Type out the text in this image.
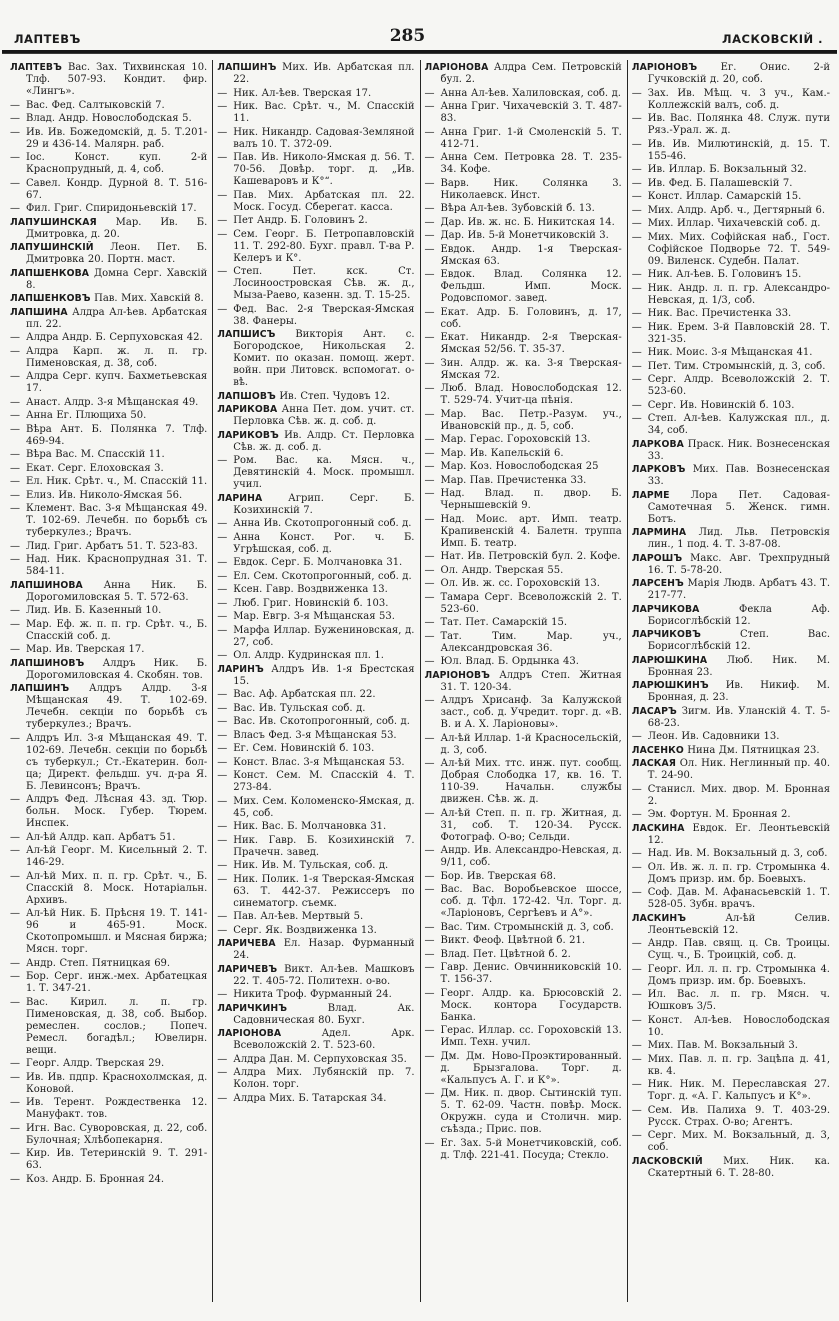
ЛАПТЕВЪ	285	ЛАСКОВСКІЙ .
ЛАПТЕВЪ Вас. Зах. Тихвинская 10. Тлф. 507-93. Кондит. фир. «Лингъ».
— Вас. Фед. Салтыковскій 7.
— Влад. Андр. Новослободская 5.
— Ив. Ив. Божедомскій, д. 5. Т.201-29 и 436-14. Малярн. раб.
— Іос. Конст. куп. 2-й Краснопрудный, д. 4, соб.
— Савел. Кондр. Дурной 8. Т. 516-67.
— Фил. Григ. Спиридоньевскій 17.
ЛАПУШИНСКАЯ Мар. Ив. Б. Дмитровка, д. 20.
ЛАПУШИНСКІЙ Леон. Пет. Б. Дмитровка 20. Портн. маст.
ЛАПШЕНКОВА Домна Серг. Хавскій 8.
ЛАПШЕНКОВЪ Пав. Мих. Хавскій 8.
ЛАПШИНА Алдра Ал-ѣев. Арбатская пл. 22.
— Алдра Андр. Б. Серпуховская 42.
— Алдра Карп. ж. л. п. гр. Пименовская, д. 38, соб.
— Алдра Серг. купч. Бахметьевская 17.
— Анаст. Алдр. 3-я Мѣщанская 49.
— Анна Ег. Плющиха 50.
— Вѣра Ант. Б. Полянка 7. Тлф. 469-94.
— Вѣра Вас. М. Спасскій 11.
— Екат. Серг. Елоховская 3.
— Ел. Ник. Срѣт. ч., М. Спасскій 11.
— Елиз. Ив. Николо-Ямская 56.
— Клемент. Вас. 3-я Мѣщанская 49. Т. 102-69. Лечебн. по борьбѣ съ туберкулез.; Врачъ.
— Лид. Григ. Арбатъ 51. Т. 523-83.
— Над. Ник. Краснопрудная 31. Т. 584-11.
ЛАПШИНОВА Анна Ник. Б. Дорогомиловская 5. Т. 572-63.
— Лид. Ив. Б. Казенный 10.
— Мар. Еф. ж. п. п. гр. Срѣт. ч., Б. Спасскій соб. д.
— Мар. Ив. Тверская 17.
ЛАПШИНОВЪ Алдръ Ник. Б. Дорогомиловская 4. Скобян. тов.
ЛАПШИНЪ Алдръ Алдр. 3-я Мѣщанская 49. Т. 102-69. Лечебн. секціи по борьбѣ съ туберкулез.; Врачъ.
— Алдръ Ил. 3-я Мѣщанская 49. Т. 102-69. Лечебн. секціи по борьбѣ съ туберкул.; Ст.-Екатерин. бол-ца; Директ. фельдш. уч. д-ра Я. Б. Левинсонъ; Врачъ.
— Алдръ Фед. Лѣсная 43. зд. Тюр. больн. Моск. Губер. Тюрем. Инспек.
— Ал-ѣй Алдр. кап. Арбатъ 51.
— Ал-ѣй Георг. М. Кисельный 2. Т. 146-29.
— Ал-ѣй Мих. п. п. гр. Срѣт. ч., Б. Спасскій 8. Моск. Нотаріальн. Архивъ.
— Ал-ѣй Ник. Б. Прѣсня 19. Т. 141-96 и 465-91. Моск. Скотопромышл. и Мясная биржа; Мясн. торг.
— Андр. Степ. Пятницкая 69.
— Бор. Серг. инж.-мех. Арбатецкая 1. Т. 347-21.
— Вас. Кирил. л. п. гр. Пименовская, д. 38, соб. Выбор. ремеслен. сослов.; Попеч. Ремесл. богадѣл.; Ювелирн. вещи.
— Георг. Алдр. Тверская 29.
— Ив. Ив. пдпр. Краснохолмская, д. Коновой.
— Ив. Терент. Рождественка 12. Мануфакт. тов.
— Игн. Вас. Суворовская, д. 22, соб. Булочная; Хлѣбопекарня.
— Кир. Ив. Тетеринскій 9. Т. 291-63.
— Коз. Андр. Б. Бронная 24.
ЛАПШИНЪ Мих. Ив. Арбатская пл. 22.
— Ник. Ал-ѣев. Тверская 17.
— Ник. Вас. Срѣт. ч., М. Спасскій 11.
— Ник. Никандр. Садовая-Земляной валъ 10. Т. 372-09.
— Пав. Ив. Николо-Ямская д. 56. Т. 70-56. Довѣр. торг. д. „Ив. Кашеваровъ и К°“.
— Пав. Мих. Арбатская пл. 22. Моск. Госуд. Сберегат. касса.
— Пет Андр. Б. Головинъ 2.
— Сем. Георг. Б. Петропавловскій 11. Т. 292-80. Бухг. правл. Т-ва Р. Келеръ и К°.
— Степ. Пет. кск. Ст. Лосиноостровская Сѣв. ж. д., Мыза-Раево, казенн. зд. Т. 15-25.
— Фед. Вас. 2-я Тверская-Ямская 38. Фанеры.
ЛАПШИСЪ Викторія Ант. с. Богородское, Никольская 2. Комит. по оказан. помощ. жерт. войн. при Литовск. вспомогат. о-вѣ.
ЛАПШОВЪ Ив. Степ. Чудовъ 12.
ЛАРИКОВА Анна Пет. дом. учит. ст. Перловка Сѣв. ж. д. соб. д.
ЛАРИКОВЪ Ив. Алдр. Ст. Перловка Сѣв. ж. д. соб. д.
— Ром. Вас. ка. Мясн. ч., Девятинскій 4. Моск. промышл. учил.
ЛАРИНА Агрип. Серг. Б. Козихинскій 7.
— Анна Ив. Скотопрогонный соб. д.
— Анна Конст. Рог. ч. Б. Угрѣшская, соб. д.
— Евдок. Серг. Б. Молчановка 31.
— Ел. Сем. Скотопрогонный, соб. д.
— Ксен. Гавр. Воздвиженка 13.
— Люб. Григ. Новинскій б. 103.
— Мар. Евгр. 3-я Мѣщанская 53.
— Марфа Иллар. Бужениновская, д. 27, соб.
— Ол. Алдр. Кудринская пл. 1.
ЛАРИНЪ Алдръ Ив. 1-я Брестская 15.
— Вас. Аф. Арбатская пл. 22.
— Вас. Ив. Тульская соб. д.
— Вас. Ив. Скотопрогонный, соб. д.
— Власъ Фед. 3-я Мѣщанская 53.
— Ег. Сем. Новинскій б. 103.
— Конст. Влас. 3-я Мѣщанская 53.
— Конст. Сем. М. Спасскій 4. Т. 273-84.
— Мих. Сем. Коломенско-Ямская, д. 45, соб.
— Ник. Вас. Б. Молчановка 31.
— Ник. Гавр. Б. Козихинскій 7. Прачечн. завед.
— Ник. Ив. М. Тульская, соб. д.
— Ник. Полик. 1-я Тверская-Ямская 63. Т. 442-37. Режиссеръ по синематогр. съемк.
— Пав. Ал-ѣев. Мертвый 5.
— Серг. Як. Воздвиженка 13.
ЛАРИЧЕВА Ел. Назар. Фурманный 24.
ЛАРИЧЕВЪ Викт. Ал-ѣев. Машковъ 22. Т. 405-72. Политехн. о-во.
— Никита Троф. Фурманный 24.
ЛАРИЧКИНЪ Влад. Ак. Садовническая 80. Бухг.
ЛАРІОНОВА Адел. Арк. Всеволожскій 2. Т. 523-60.
— Алдра Дан. М. Серпуховская 35.
— Алдра Мих. Лубянскій пр. 7. Колон. торг.
— Алдра Мих. Б. Татарская 34.
ЛАРІОНОВА Алдра Сем. Петровскій бул. 2.
— Анна Ал-ѣев. Халиловская, соб. д.
— Анна Григ. Чихачевскій 3. Т. 487-83.
— Анна Григ. 1-й Смоленскій 5. Т. 412-71.
— Анна Сем. Петровка 28. Т. 235-34. Кофе.
— Варв. Ник. Солянка 3. Николаевск. Инст.
— Вѣра Ал-ѣев. Зубовскій б. 13.
— Дар. Ив. ж. нс. Б. Никитская 14.
— Дар. Ив. 5-й Монетчиковскій 3.
— Евдок. Андр. 1-я Тверская-Ямская 63.
— Евдок. Влад. Солянка 12. Фельдш. Имп. Моск. Родовспомог. завед.
— Екат. Адр. Б. Головинъ, д. 17, соб.
— Екат. Никандр. 2-я Тверская-Ямская 52/56. Т. 35-37.
— Зин. Алдр. ж. ка. 3-я Тверская-Ямская 72.
— Люб. Влад. Новослободская 12. Т. 529-74. Учит-ца пѣнія.
— Мар. Вас. Петр.-Разум. уч., Ивановскій пр., д. 5, соб.
— Мар. Герас. Гороховскій 13.
— Мар. Ив. Капельскій 6.
— Мар. Коз. Новослободская 25
— Мар. Пав. Пречистенка 33.
— Над. Влад. п. двор. Б. Чернышевскій 9.
— Над. Моис. арт. Имп. театр. Крапивенскій 4. Балетн. труппа Имп. Б. театр.
— Нат. Ив. Петровскій бул. 2. Кофе.
— Ол. Андр. Тверская 55.
— Ол. Ив. ж. сс. Гороховскій 13.
— Тамара Серг. Всеволожскій 2. Т. 523-60.
— Тат. Пет. Самарскій 15.
— Тат. Тим. Мар. уч., Александровская 36.
— Юл. Влад. Б. Ордынка 43.
ЛАРІОНОВЪ Алдръ Степ. Житная 31. Т. 120-34.
— Алдръ Хрисанф. За Калужской заст., соб. д. Учредит. торг. д. «В. В. и А. Х. Ларіоновы».
— Ал-ѣй Иллар. 1-й Красносельскій, д. 3, соб.
— Ал-ѣй Мих. ттс. инж. пут. сообщ. Добрая Слободка 17, кв. 16. Т. 110-39. Начальн. службы движен. Сѣв. ж. д.
— Ал-ѣй Степ. п. п. гр. Житная, д. 31, соб. Т. 120-34. Русск. Фотограф. О-во; Сельди.
— Андр. Ив. Александро-Невская, д. 9/11, соб.
— Бор. Ив. Тверская 68.
— Вас. Вас. Воробьевское шоссе, соб. д. Тфл. 172-42. Чл. Торг. д. «Ларіоновъ, Сергѣевъ и А°».
— Вас. Тим. Стромынскій д. 3, соб.
— Викт. Феоф. Цвѣтной б. 21.
— Влад. Пет. Цвѣтной б. 2.
— Гавр. Денис. Овчинниковскій 10. Т. 156-37.
— Георг. Алдр. ка. Брюсовскій 2. Моск. контора Государств. Банка.
— Герас. Иллар. сс. Гороховскій 13. Имп. Техн. учил.
— Дм. Дм. Ново-Проэктированный. д. Брызгалова. Торг. д. «Кальпусъ А. Г. и К°».
— Дм. Ник. п. двор. Сытинскій туп. 5. Т. 62-09. Частн. повѣр. Моск. Окружн. суда и Столичн. мир. съѣзда.; Прис. пов.
— Ег. Зах. 5-й Монетчиковскій, соб. д. Тлф. 221-41. Посуда; Стекло.
ЛАРІОНОВЪ Ег. Онис. 2-й Гучковскій д. 20, соб.
— Зах. Ив. Мѣщ. ч. 3 уч., Кам.-Коллежскій валъ, соб. д.
— Ив. Вас. Полянка 48. Служ. пути Ряз.-Урал. ж. д.
— Ив. Ив. Милютинскій, д. 15. Т. 155-46.
— Ив. Иллар. Б. Вокзальный 32.
— Ив. Фед. Б. Палашевскій 7.
— Конст. Иллар. Самарскій 15.
— Мих. Алдр. Арб. ч., Дегтярный 6.
— Мих. Иллар. Чихачевскій соб. д.
— Мих. Мих. Софійская наб., Гост. Софійское Подворье 72. Т. 549-09. Виленск. Судебн. Палат.
— Ник. Ал-ѣев. Б. Головинъ 15.
— Ник. Андр. л. п. гр. Александро-Невская, д. 1/3, соб.
— Ник. Вас. Пречистенка 33.
— Ник. Ерем. 3-й Павловскій 28. Т. 321-35.
— Ник. Моис. 3-я Мѣщанская 41.
— Пет. Тим. Стромынскій, д. 3, соб.
— Серг. Алдр. Всеволожскій 2. Т. 523-60.
— Серг. Ив. Новинскій б. 103.
— Степ. Ал-ѣев. Калужская пл., д. 34, соб.
ЛАРКОВА Праск. Ник. Вознесенская 33.
ЛАРКОВЪ Мих. Пав. Вознесенская 33.
ЛАРМЕ Лора Пет. Садовая-Самотечная 5. Женск. гимн. Ботъ.
ЛАРМИНА Лид. Льв. Петровскія лин., 1 под. 4. Т. 3-87-08.
ЛАРОШЪ Макс. Авг. Трехпрудный 16. Т. 5-78-20.
ЛАРСЕНЪ Марія Людв. Арбатъ 43. Т. 217-77.
ЛАРЧИКОВА Фекла Аф. Борисоглѣбскій 12.
ЛАРЧИКОВЪ Степ. Вас. Борисоглѣбскій 12.
ЛАРЮШКИНА Люб. Ник. М. Бронная 23.
ЛАРЮШКИНЪ Ив. Никиф. М. Бронная, д. 23.
ЛАСАРЪ Зигм. Ив. Уланскій 4. Т. 5-68-23.
— Леон. Ив. Садовники 13.
ЛАСЕНКО Нина Дм. Пятницкая 23.
ЛАСКАЯ Ол. Ник. Неглинный пр. 40. Т. 24-90.
— Станисл. Мих. двор. М. Бронная 2.
— Эм. Фортун. М. Бронная 2.
ЛАСКИНА Евдок. Ег. Леонтьевскій 12.
— Над. Ив. М. Вокзальный д. 3, соб.
— Ол. Ив. ж. л. п. гр. Стромынка 4. Домъ призр. им. бр. Боевыхъ.
— Соф. Дав. М. Афанасьевскій 1. Т. 528-05. Зубн. врачъ.
ЛАСКИНЪ Ал-ѣй Селив. Леонтьевскій 12.
— Андр. Пав. свящ. ц. Св. Троицы. Сущ. ч., Б. Троицкій, соб. д.
— Георг. Ил. л. п. гр. Стромынка 4. Домъ призр. им. бр. Боевыхъ.
— Ил. Вас. л. п. гр. Мясн. ч. Юшковъ 3/5.
— Конст. Ал-ѣев. Новослободская 10.
— Мих. Пав. М. Вокзальный 3.
— Мих. Пав. л. п. гр. Зацѣпа д. 41, кв. 4.
— Ник. Ник. М. Переславская 27. Торг. д. «А. Г. Кальпусъ и К°».
— Сем. Ив. Палиха 9. Т. 403-29. Русск. Страх. О-во; Агентъ.
— Серг. Мих. М. Вокзальный, д. 3, соб.
ЛАСКОВСКІЙ Мих. Ник. ка. Скатертный 6. Т. 28-80.
